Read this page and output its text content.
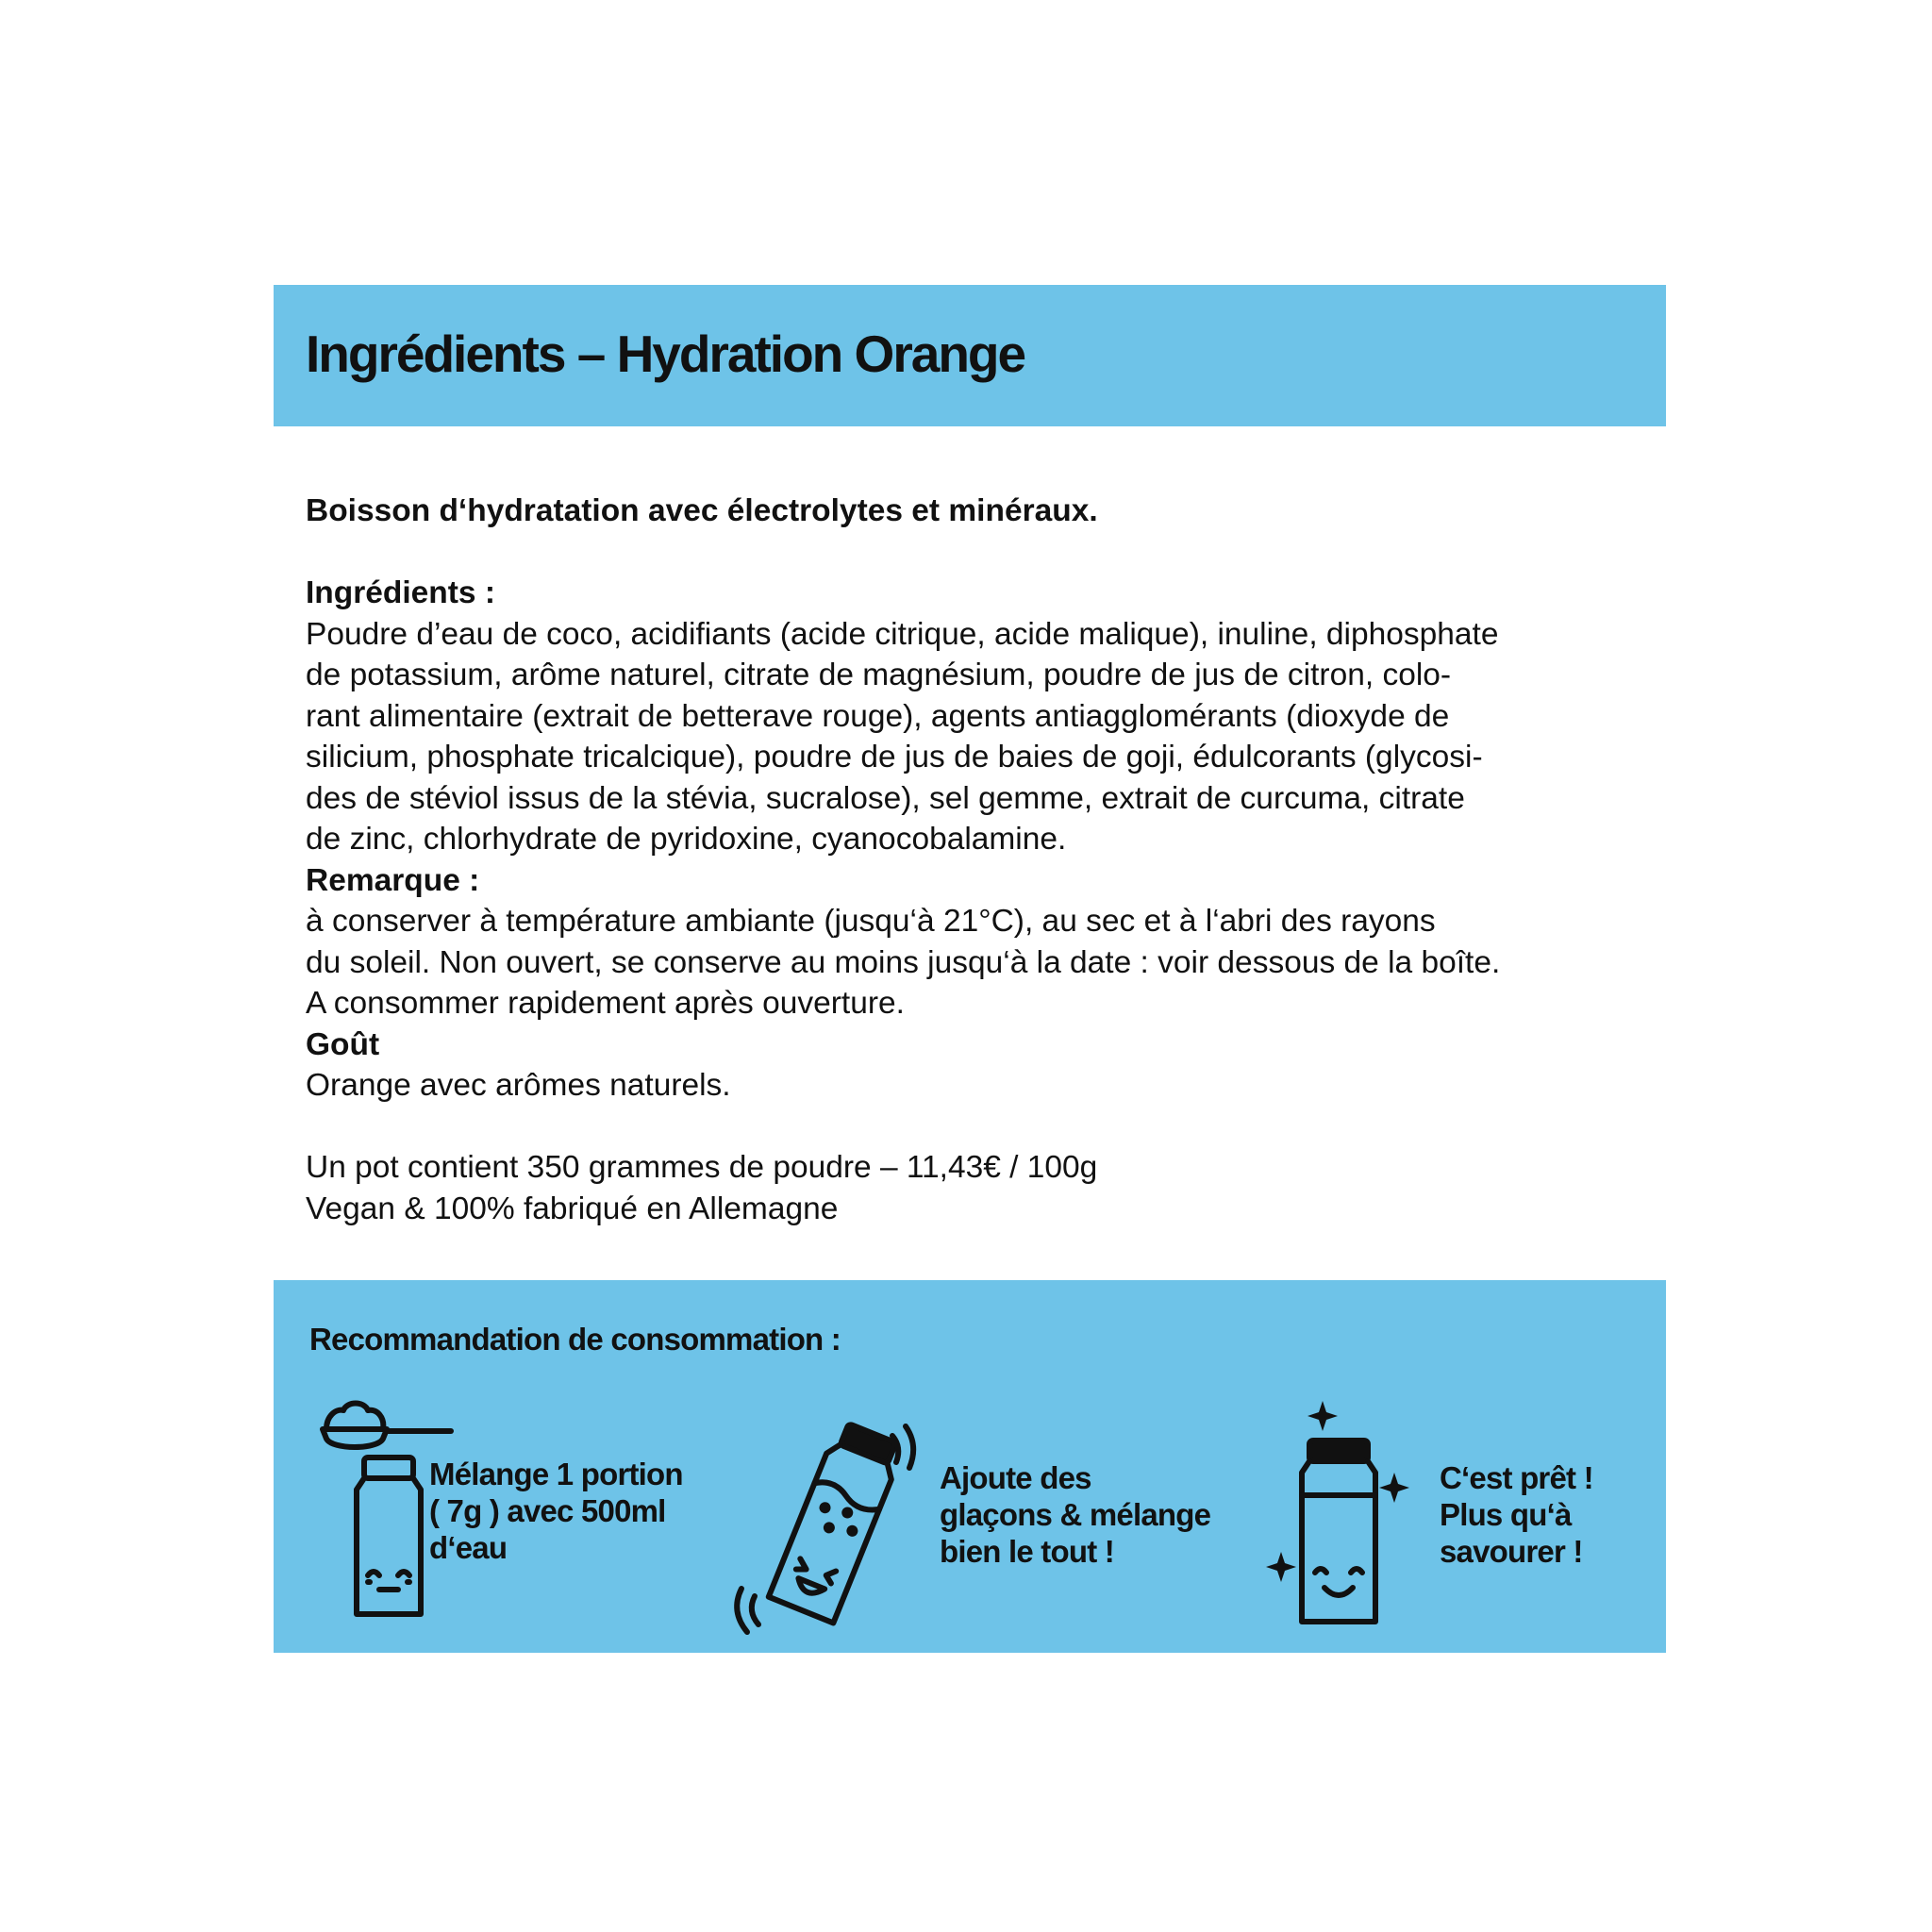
Ingrédients – Hydration Orange

Boisson d‘hydratation avec électrolytes et minéraux.

Ingrédients :

Poudre d’eau de coco, acidifiants (acide citrique, acide malique), inuline, diphosphate

de potassium, arôme naturel, citrate de magnésium, poudre de jus de citron, colo-

rant alimentaire (extrait de betterave rouge), agents antiagglomérants (dioxyde de

silicium, phosphate tricalcique), poudre de jus de baies de goji, édulcorants (glycosi-

des de stéviol issus de la stévia, sucralose), sel gemme, extrait de curcuma, citrate

de zinc, chlorhydrate de pyridoxine, cyanocobalamine.

Remarque :

à conserver à température ambiante (jusqu‘à 21°C), au sec et à l‘abri des rayons

du soleil. Non ouvert, se conserve au moins jusqu‘à la date : voir dessous de la boîte.

A consommer rapidement après ouverture.

Goût

Orange avec arômes naturels.

Un pot contient 350 grammes de poudre – 11,43€ / 100g

Vegan & 100% fabriqué en Allemagne

Recommandation de consommation :

Mélange 1 portion
( 7g ) avec 500ml
d‘eau

Ajoute des
glaçons & mélange
bien le tout !

C‘est prêt !
Plus qu‘à
savourer !
